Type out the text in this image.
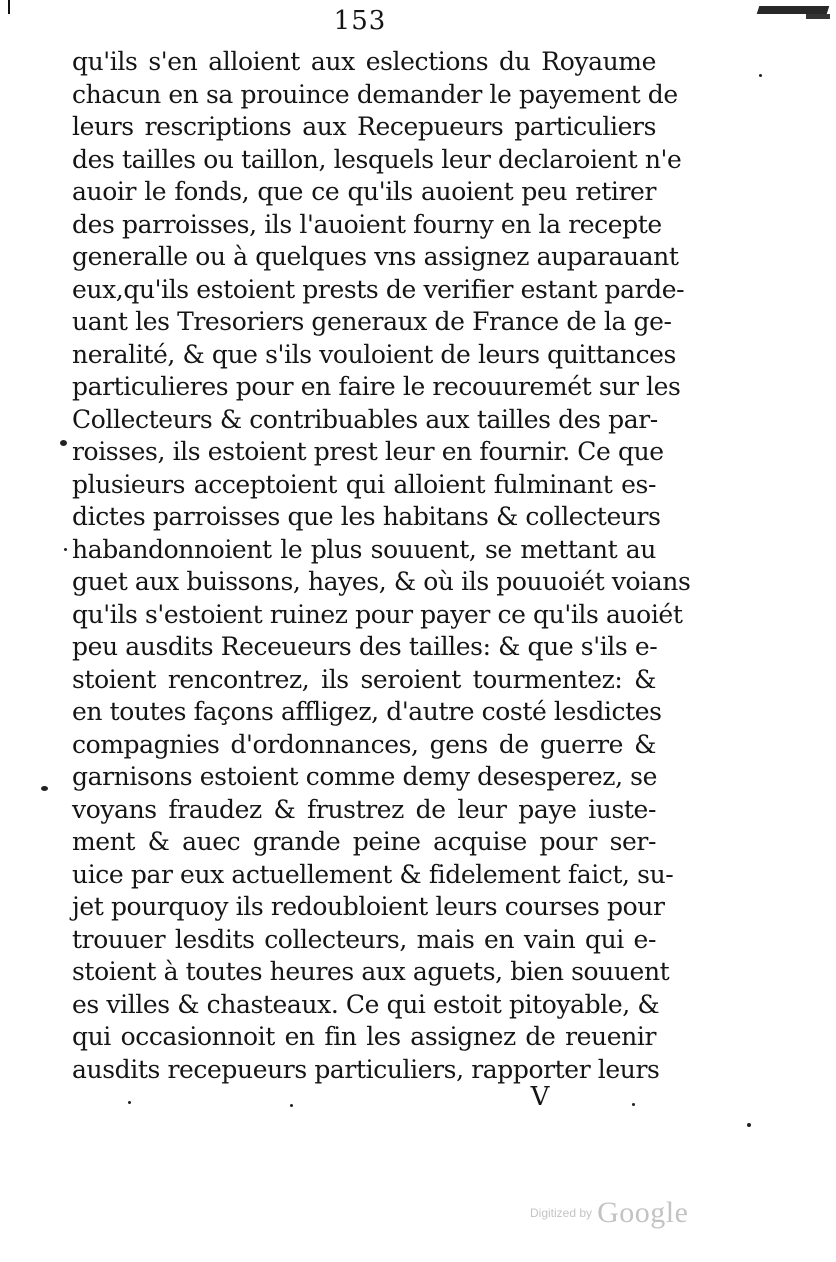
153
qu'ils s'en alloient aux eslections du Royaume
chacun en sa prouince demander le payement de
leurs rescriptions aux Recepueurs particuliers
des tailles ou taillon, lesquels leur declaroient n'e
auoir le fonds, que ce qu'ils auoient peu retirer
des parroisses, ils l'auoient fourny en la recepte
generalle ou à quelques vns assignez auparauant
eux,qu'ils estoient prests de verifier estant parde-
uant les Tresoriers generaux de France de la ge-
neralité, & que s'ils vouloient de leurs quittances
particulieres pour en faire le recouuremét sur les
Collecteurs & contribuables aux tailles des par-
roisses, ils estoient prest leur en fournir. Ce que
plusieurs acceptoient qui alloient fulminant es-
dictes parroisses que les habitans & collecteurs
habandonnoient le plus souuent, se mettant au
guet aux buissons, hayes, & où ils pouuoiét voians
qu'ils s'estoient ruinez pour payer ce qu'ils auoiét
peu ausdits Receueurs des tailles: & que s'ils e-
stoient rencontrez, ils seroient tourmentez: &
en toutes façons affligez, d'autre costé lesdictes
compagnies d'ordonnances, gens de guerre &
garnisons estoient comme demy desesperez, se
voyans fraudez & frustrez de leur paye iuste-
ment & auec grande peine acquise pour ser-
uice par eux actuellement & fidelement faict, su-
jet pourquoy ils redoubloient leurs courses pour
trouuer lesdits collecteurs, mais en vain qui e-
stoient à toutes heures aux aguets, bien souuent
es villes & chasteaux. Ce qui estoit pitoyable, &
qui occasionnoit en fin les assignez de reuenir
ausdits recepueurs particuliers, rapporter leurs
V
Digitized by Google
